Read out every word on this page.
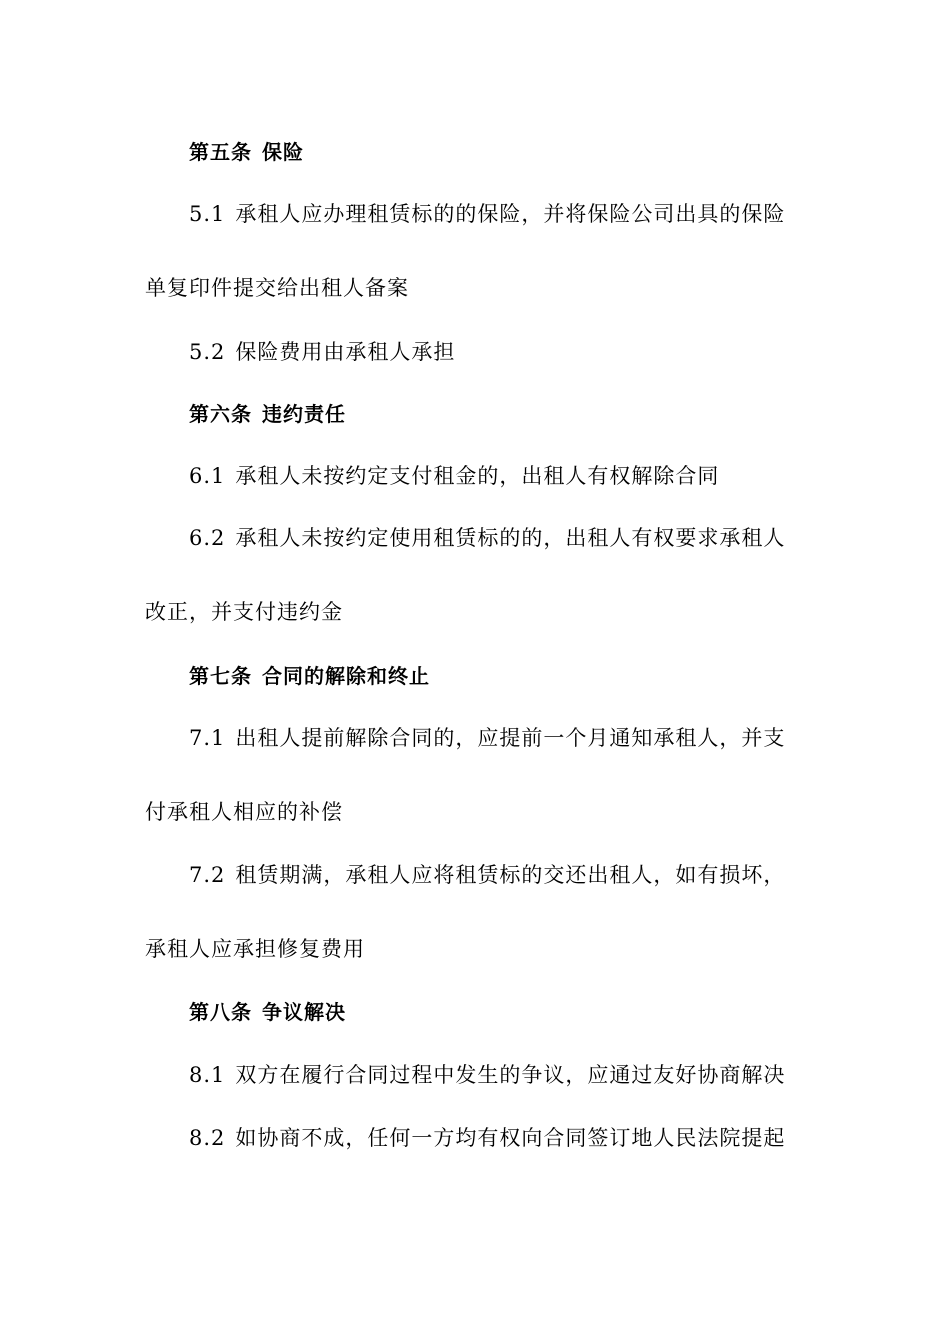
第五条 保险
5.1 承租人应办理租赁标的的保险，并将保险公司出具的保险
单复印件提交给出租人备案
5.2 保险费用由承租人承担
第六条 违约责任
6.1 承租人未按约定支付租金的，出租人有权解除合同
6.2 承租人未按约定使用租赁标的的，出租人有权要求承租人
改正，并支付违约金
第七条 合同的解除和终止
7.1 出租人提前解除合同的，应提前一个月通知承租人，并支
付承租人相应的补偿
7.2 租赁期满，承租人应将租赁标的交还出租人，如有损坏，
承租人应承担修复费用
第八条 争议解决
8.1 双方在履行合同过程中发生的争议，应通过友好协商解决
8.2 如协商不成，任何一方均有权向合同签订地人民法院提起
